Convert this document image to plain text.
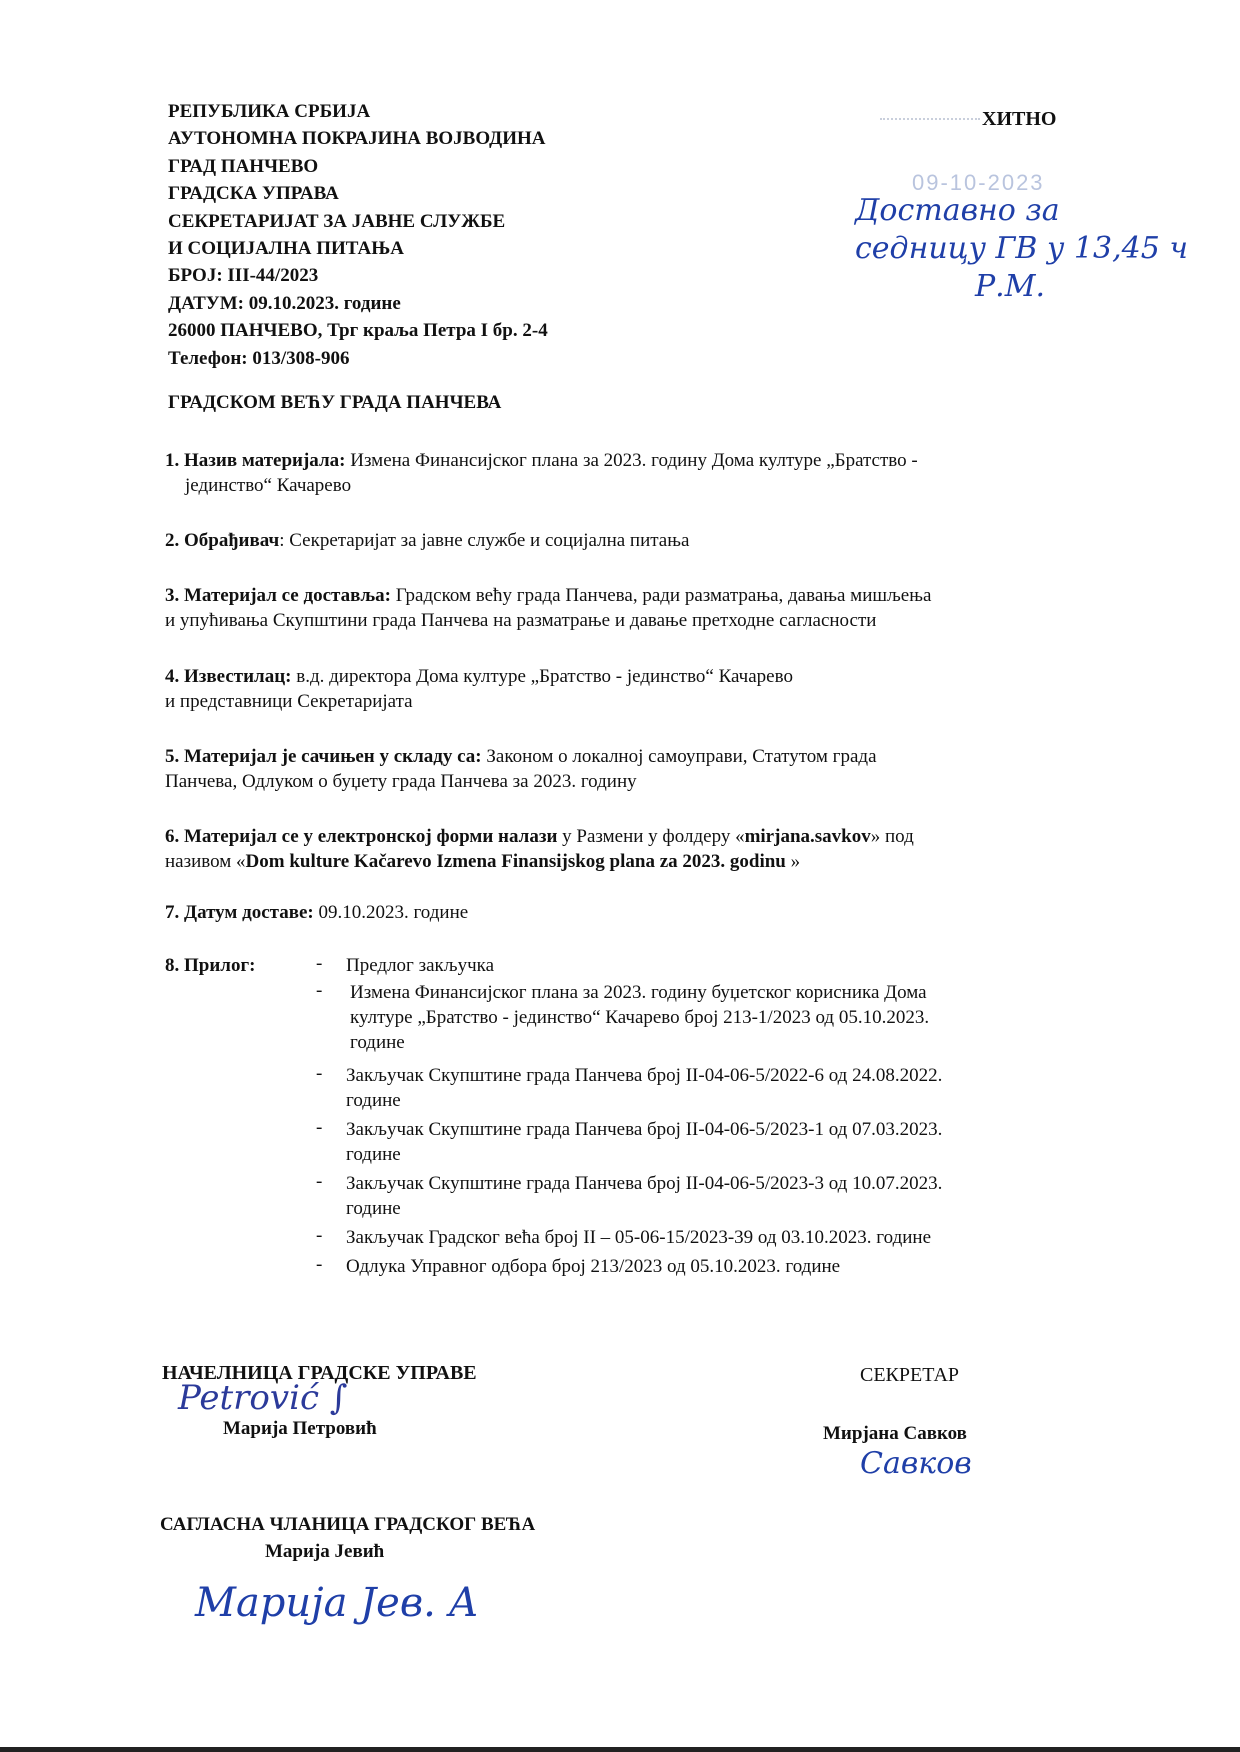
РЕПУБЛИКА СРБИЈА
АУТОНОМНА ПОКРАЈИНА ВОЈВОДИНА
ГРАД ПАНЧЕВО
ГРАДСКА УПРАВА
СЕКРЕТАРИЈАТ ЗА ЈАВНЕ СЛУЖБЕ
И СОЦИЈАЛНА ПИТАЊА
БРОЈ: III-44/2023
ДАТУМ: 09.10.2023. године
26000 ПАНЧЕВО, Трг краља Петра I бр. 2-4
Телефон: 013/308-906
ХИТНО
09-10-2023
Доставно за
седницу ГВ у 13,45 ч
Р.М.
ГРАДСКОМ ВЕЋУ ГРАДА ПАНЧЕВА
1. Назив материјала: Измена Финансијског плана за 2023. годину Дома културе „Братство -
јединство“ Качарево
2. Обрађивач: Секретаријат за јавне службе и социјална питања
3. Материјал се доставља: Градском већу града Панчева, ради разматрања, давања мишљења
и упућивања Скупштини града Панчева на разматрање и давање претходне сагласности
4. Известилац: в.д. директора Дома културе „Братство - јединство“ Качарево
и представници Секретаријата
5. Материјал је сачињен у складу са: Законом о локалној самоуправи, Статутом града
Панчева, Одлуком о буџету града Панчева за 2023. годину
6. Материјал се у електронској форми налази у Размени у фолдеру «mirjana.savkov» под
називом «Dom kulture Kačarevo Izmena Finansijskog plana za 2023. godinu »
7. Датум доставе: 09.10.2023. године
8. Прилог:	- Предлог закључка
- Измена Финансијског плана за 2023. годину буџетског корисника Дома
културе „Братство - јединство“ Качарево број 213-1/2023 од 05.10.2023.
године
- Закључак Скупштине града Панчева број II-04-06-5/2022-6 од 24.08.2022.
године
- Закључак Скупштине града Панчева број II-04-06-5/2023-1 од 07.03.2023.
године
- Закључак Скупштине града Панчева број II-04-06-5/2023-3 од 10.07.2023.
године
- Закључак Градског већа број II – 05-06-15/2023-39 од 03.10.2023. године
- Одлука Управног одбора број 213/2023 од 05.10.2023. године
НАЧЕЛНИЦА ГРАДСКЕ УПРАВЕ
Petrović ∫
Марија Петровић
СЕКРЕТАР
Мирјана Савков
Савков
САГЛАСНА ЧЛАНИЦА ГРАДСКОГ ВЕЋА
Марија Јевић
Марија Јев. А
